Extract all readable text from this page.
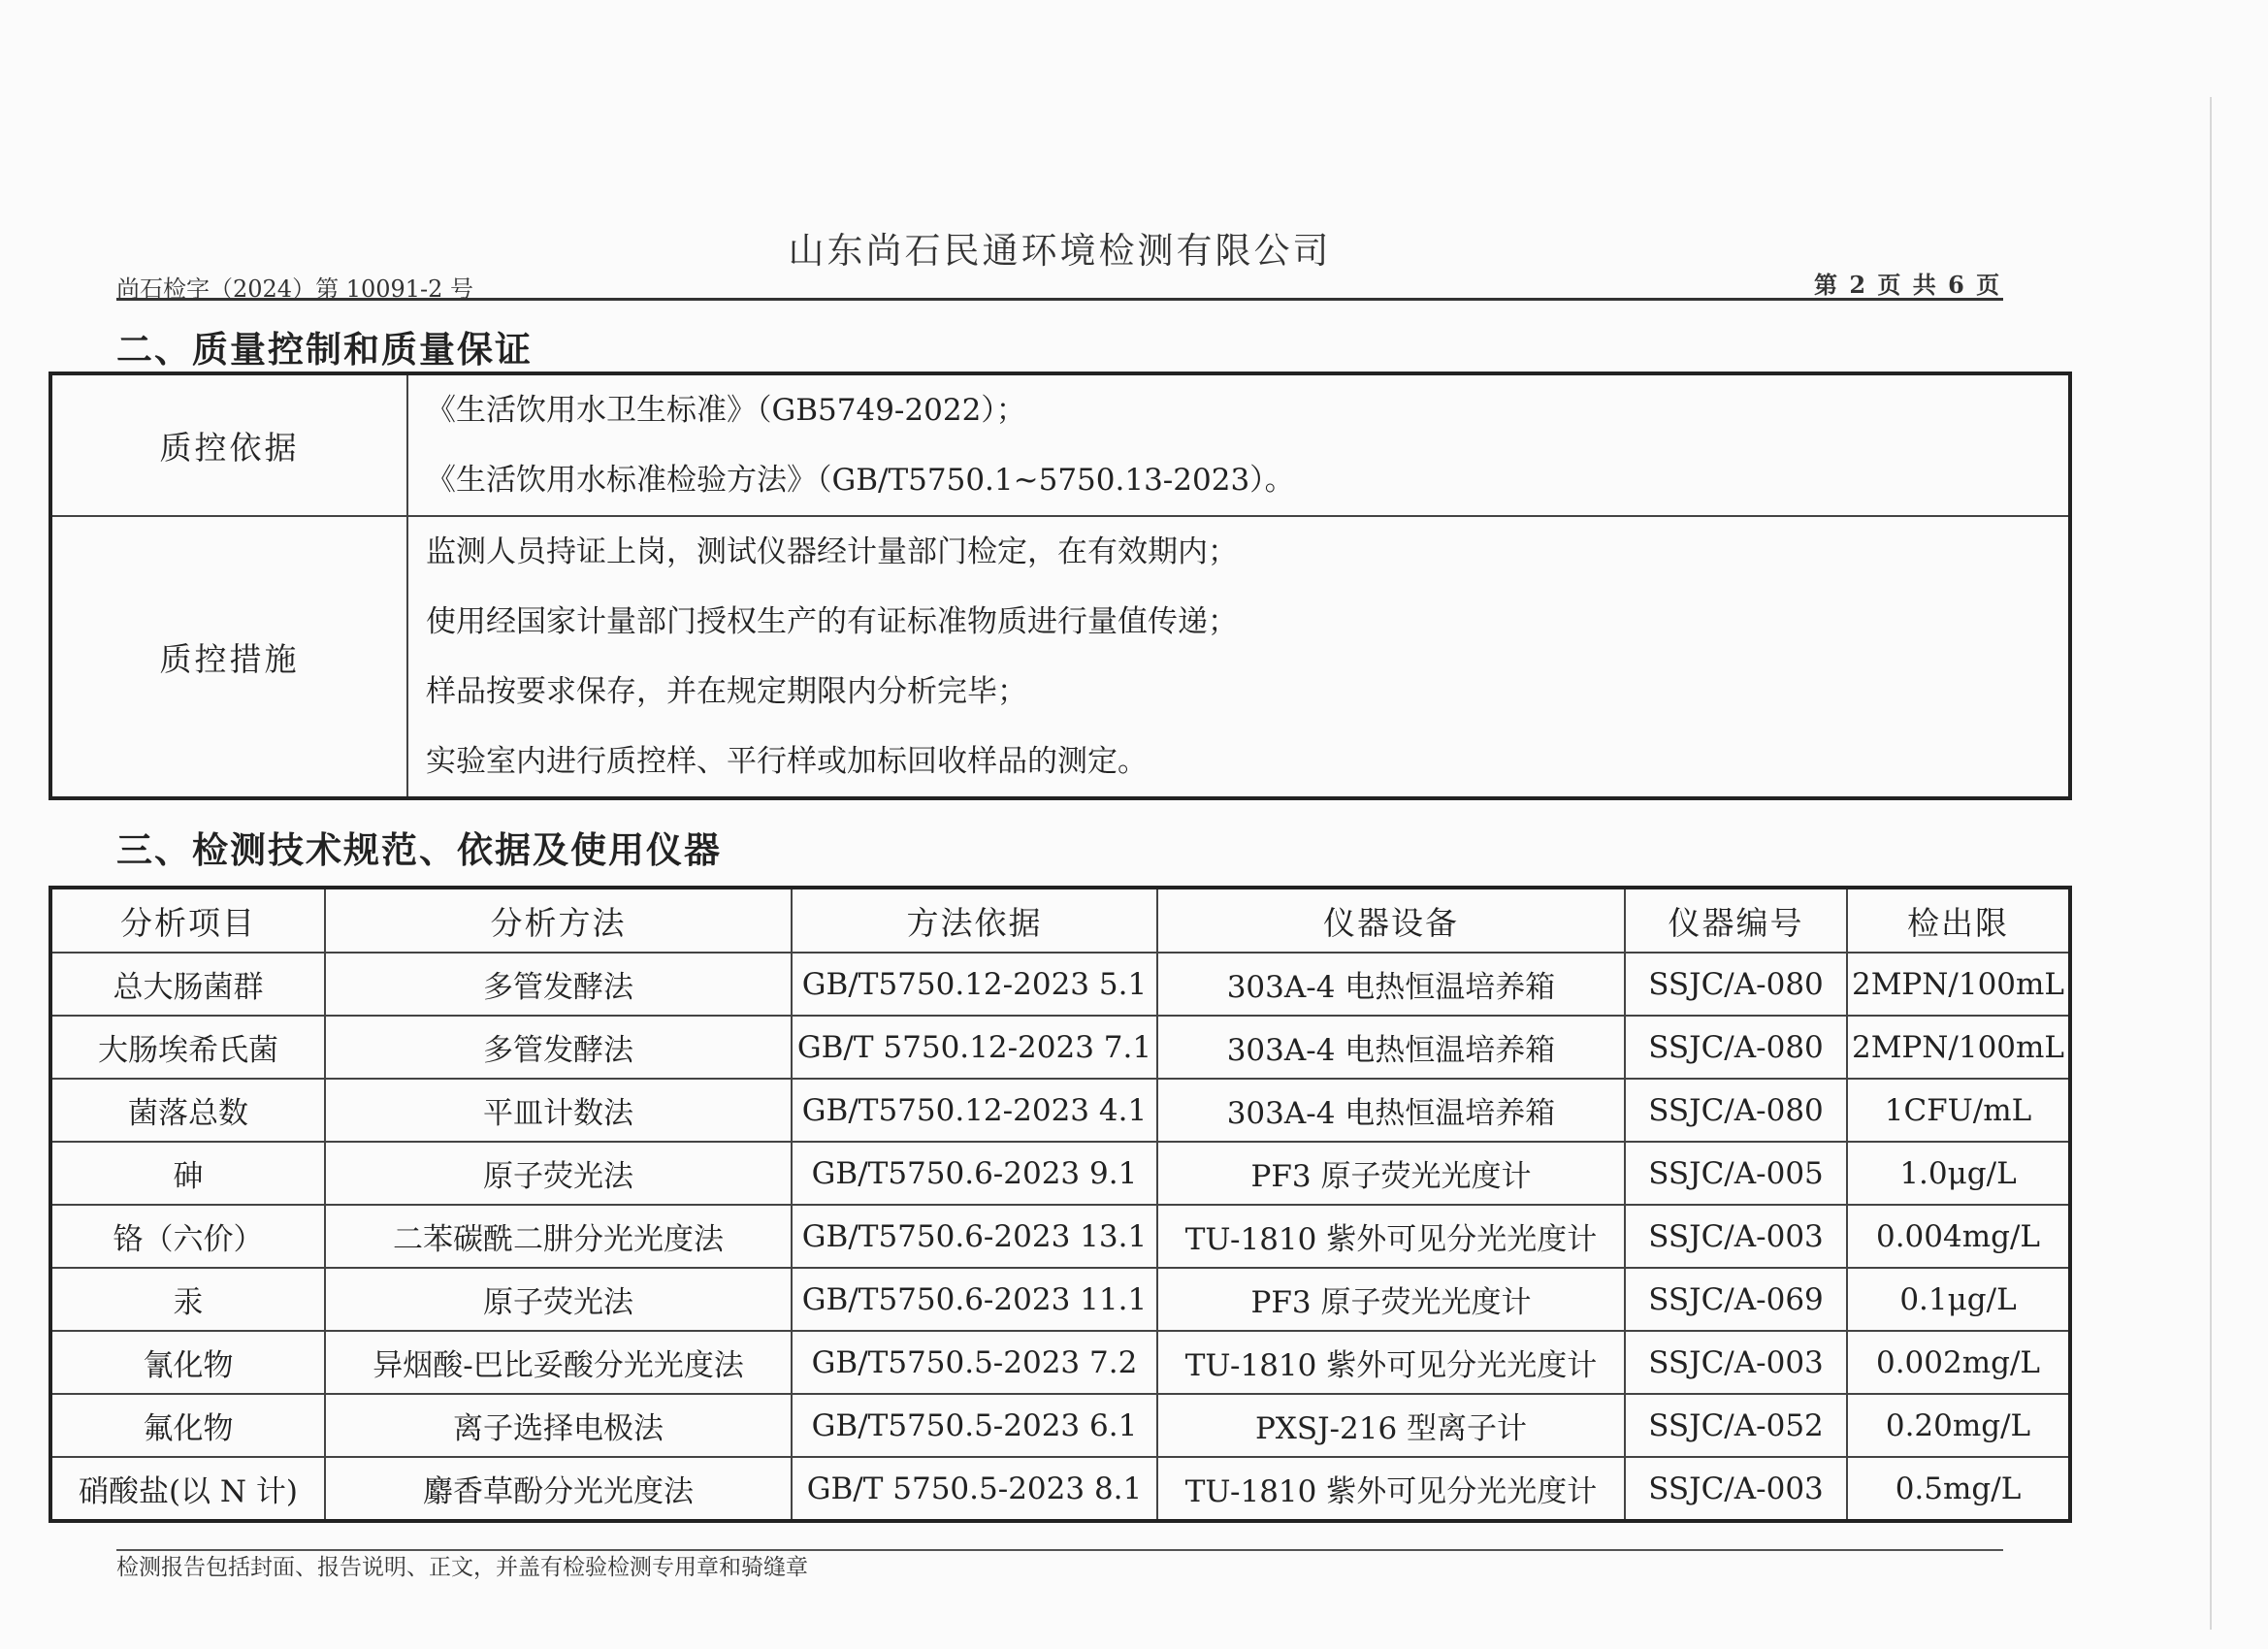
山东尚石民通环境检测有限公司
尚石检字（2024）第 10091-2 号	第 2 页 共 6 页
二、质量控制和质量保证
质控依据	《生活饮用水卫生标准》（GB5749-2022）；
《生活饮用水标准检验方法》（GB/T5750.1~5750.13-2023）。

质控措施	监测人员持证上岗，测试仪器经计量部门检定，在有效期内；
使用经国家计量部门授权生产的有证标准物质进行量值传递；
样品按要求保存，并在规定期限内分析完毕；
实验室内进行质控样、平行样或加标回收样品的测定。
三、检测技术规范、依据及使用仪器
分析项目	分析方法	方法依据	仪器设备	仪器编号	检出限
总大肠菌群	多管发酵法	GB/T5750.12-2023 5.1	303A-4 电热恒温培养箱	SSJC/A-080	2MPN/100mL
大肠埃希氏菌	多管发酵法	GB/T 5750.12-2023 7.1	303A-4 电热恒温培养箱	SSJC/A-080	2MPN/100mL
菌落总数	平皿计数法	GB/T5750.12-2023 4.1	303A-4 电热恒温培养箱	SSJC/A-080	1CFU/mL
砷	原子荧光法	GB/T5750.6-2023 9.1	PF3 原子荧光光度计	SSJC/A-005	1.0μg/L
铬（六价）	二苯碳酰二肼分光光度法	GB/T5750.6-2023 13.1	TU-1810 紫外可见分光光度计	SSJC/A-003	0.004mg/L
汞	原子荧光法	GB/T5750.6-2023 11.1	PF3 原子荧光光度计	SSJC/A-069	0.1μg/L
氰化物	异烟酸-巴比妥酸分光光度法	GB/T5750.5-2023 7.2	TU-1810 紫外可见分光光度计	SSJC/A-003	0.002mg/L
氟化物	离子选择电极法	GB/T5750.5-2023 6.1	PXSJ-216 型离子计	SSJC/A-052	0.20mg/L
硝酸盐(以 N 计)	麝香草酚分光光度法	GB/T 5750.5-2023 8.1	TU-1810 紫外可见分光光度计	SSJC/A-003	0.5mg/L
检测报告包括封面、报告说明、正文，并盖有检验检测专用章和骑缝章
